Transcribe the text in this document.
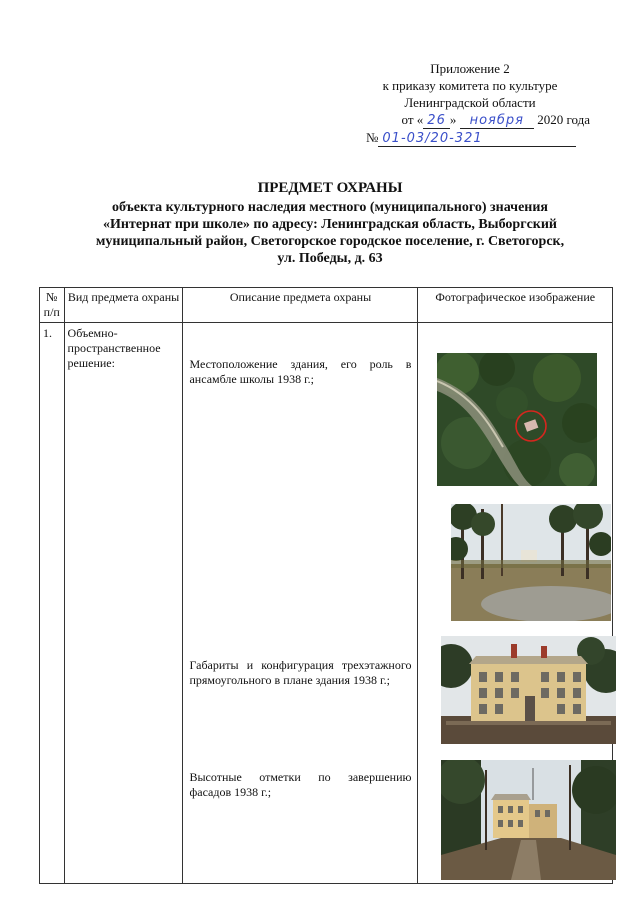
Приложение 2
к приказу комитета по культуре
Ленинградской области
от « 26 » ноября 2020 года
№ 01-03/20-321
ПРЕДМЕТ ОХРАНЫ
объекта культурного наследия местного (муниципального) значения
«Интернат при школе» по адресу: Ленинградская область, Выборгский
муниципальный район, Светогорское городское поселение, г. Светогорск,
ул. Победы, д. 63
№ п/п	Вид предмета охраны	Описание предмета охраны	Фотографическое изображение
1.	Объемно-пространственное решение:	Местоположение здания, его роль в ансамбле школы 1938 г.;
Габариты и конфигурация трехэтажного прямоугольного в плане здания 1938 г.;
Высотные отметки по завершению фасадов 1938 г.;
